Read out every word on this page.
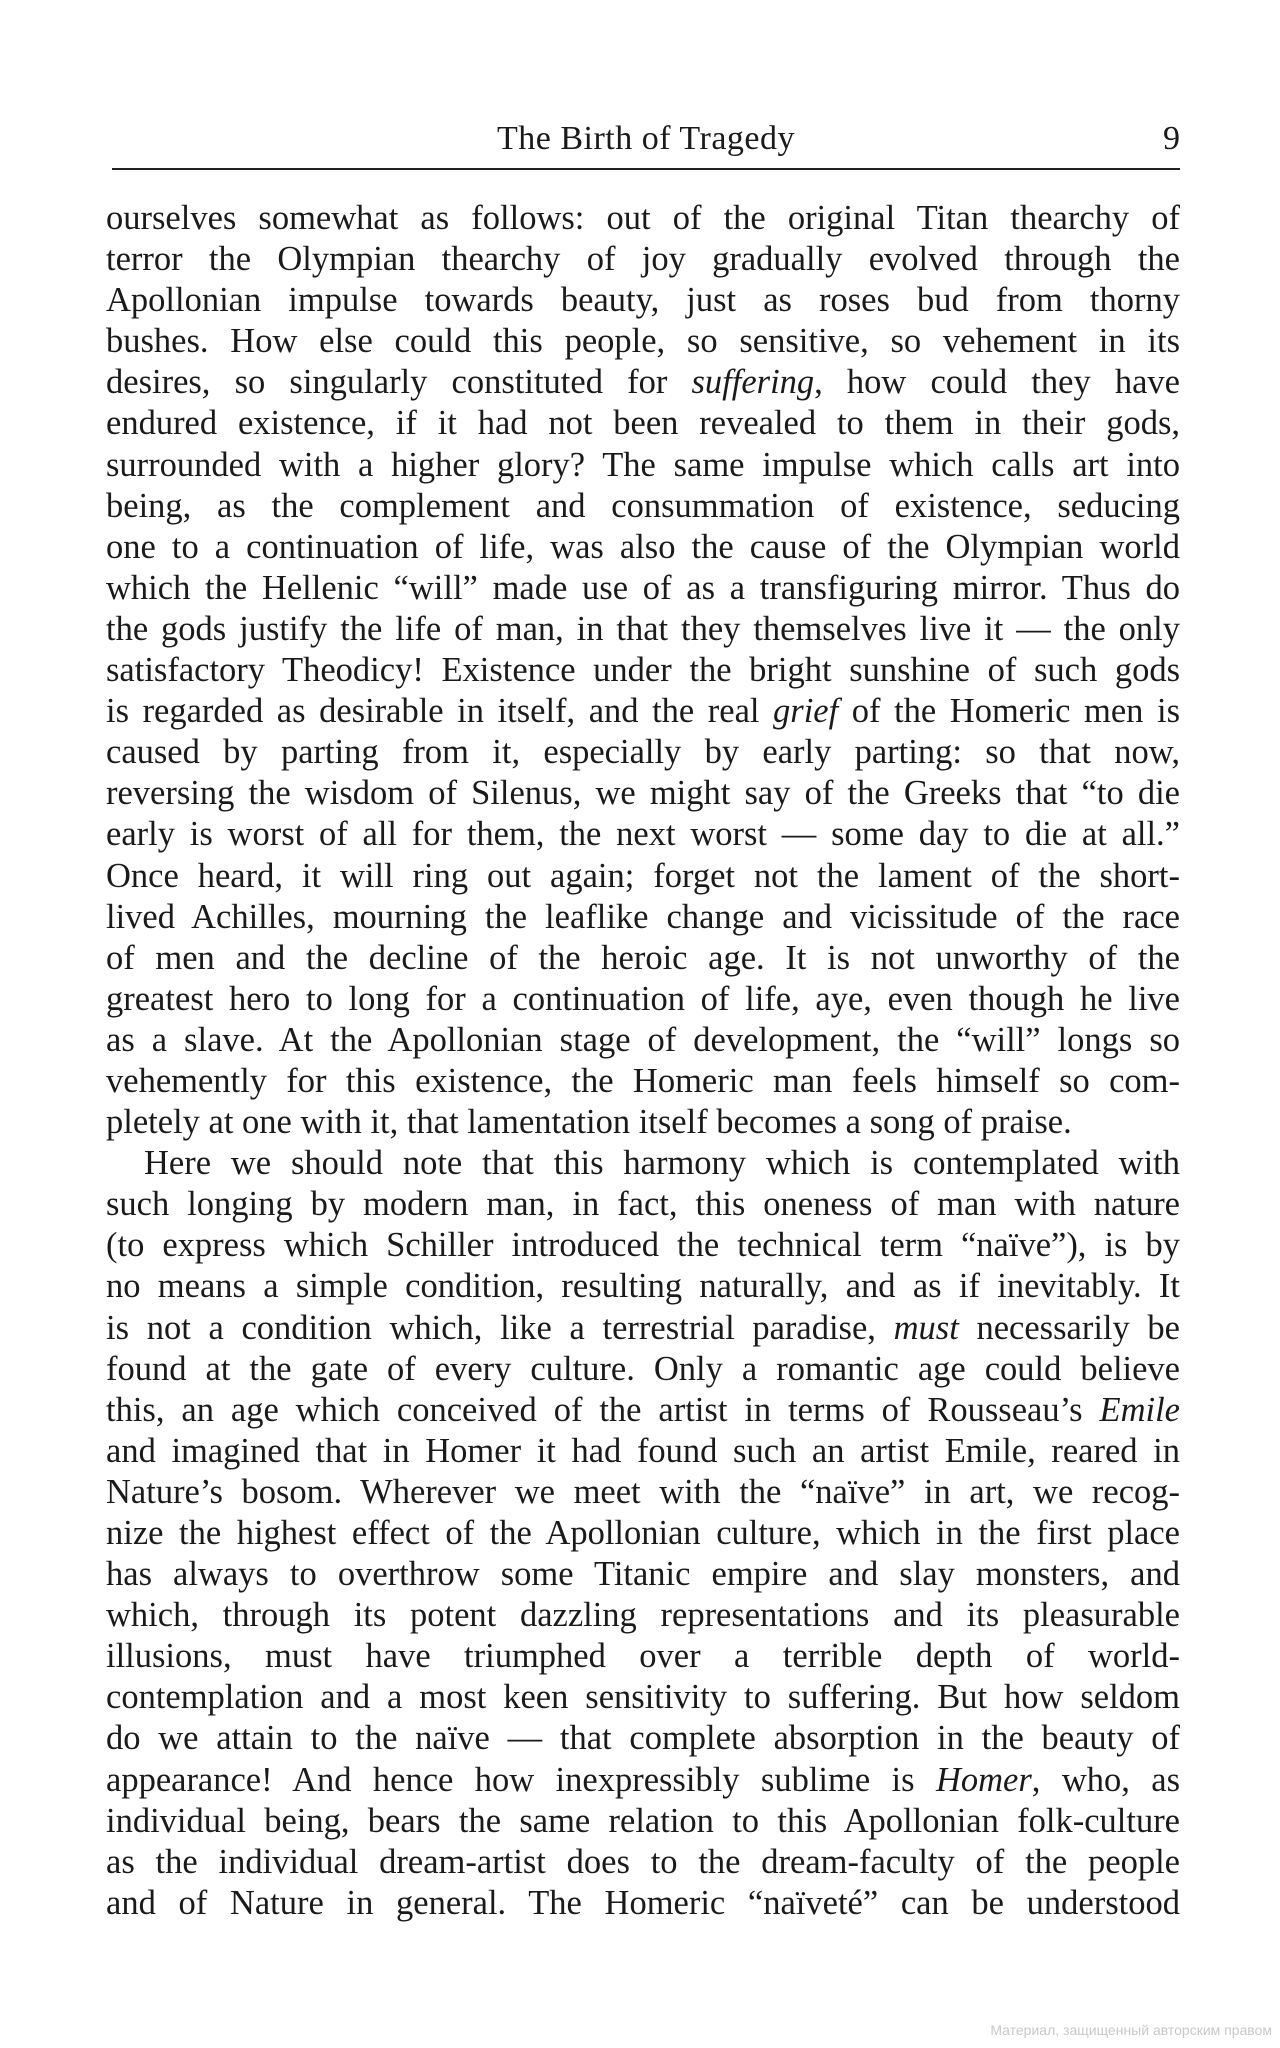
The Birth of Tragedy	9
ourselves somewhat as follows: out of the original Titan thearchy of
terror the Olympian thearchy of joy gradually evolved through the
Apollonian impulse towards beauty, just as roses bud from thorny
bushes. How else could this people, so sensitive, so vehement in its
desires, so singularly constituted for suffering, how could they have
endured existence, if it had not been revealed to them in their gods,
surrounded with a higher glory? The same impulse which calls art into
being, as the complement and consummation of existence, seducing
one to a continuation of life, was also the cause of the Olympian world
which the Hellenic “will” made use of as a transfiguring mirror. Thus do
the gods justify the life of man, in that they themselves live it — the only
satisfactory Theodicy! Existence under the bright sunshine of such gods
is regarded as desirable in itself, and the real grief of the Homeric men is
caused by parting from it, especially by early parting: so that now,
reversing the wisdom of Silenus, we might say of the Greeks that “to die
early is worst of all for them, the next worst — some day to die at all.”
Once heard, it will ring out again; forget not the lament of the short-
lived Achilles, mourning the leaflike change and vicissitude of the race
of men and the decline of the heroic age. It is not unworthy of the
greatest hero to long for a continuation of life, aye, even though he live
as a slave. At the Apollonian stage of development, the “will” longs so
vehemently for this existence, the Homeric man feels himself so com-
pletely at one with it, that lamentation itself becomes a song of praise.
Here we should note that this harmony which is contemplated with
such longing by modern man, in fact, this oneness of man with nature
(to express which Schiller introduced the technical term “naïve”), is by
no means a simple condition, resulting naturally, and as if inevitably. It
is not a condition which, like a terrestrial paradise, must necessarily be
found at the gate of every culture. Only a romantic age could believe
this, an age which conceived of the artist in terms of Rousseau’s Emile
and imagined that in Homer it had found such an artist Emile, reared in
Nature’s bosom. Wherever we meet with the “naïve” in art, we recog-
nize the highest effect of the Apollonian culture, which in the first place
has always to overthrow some Titanic empire and slay monsters, and
which, through its potent dazzling representations and its pleasurable
illusions, must have triumphed over a terrible depth of world-
contemplation and a most keen sensitivity to suffering. But how seldom
do we attain to the naïve — that complete absorption in the beauty of
appearance! And hence how inexpressibly sublime is Homer, who, as
individual being, bears the same relation to this Apollonian folk-culture
as the individual dream-artist does to the dream-faculty of the people
and of Nature in general. The Homeric “naïveté” can be understood
Материал, защищенный авторским правом
